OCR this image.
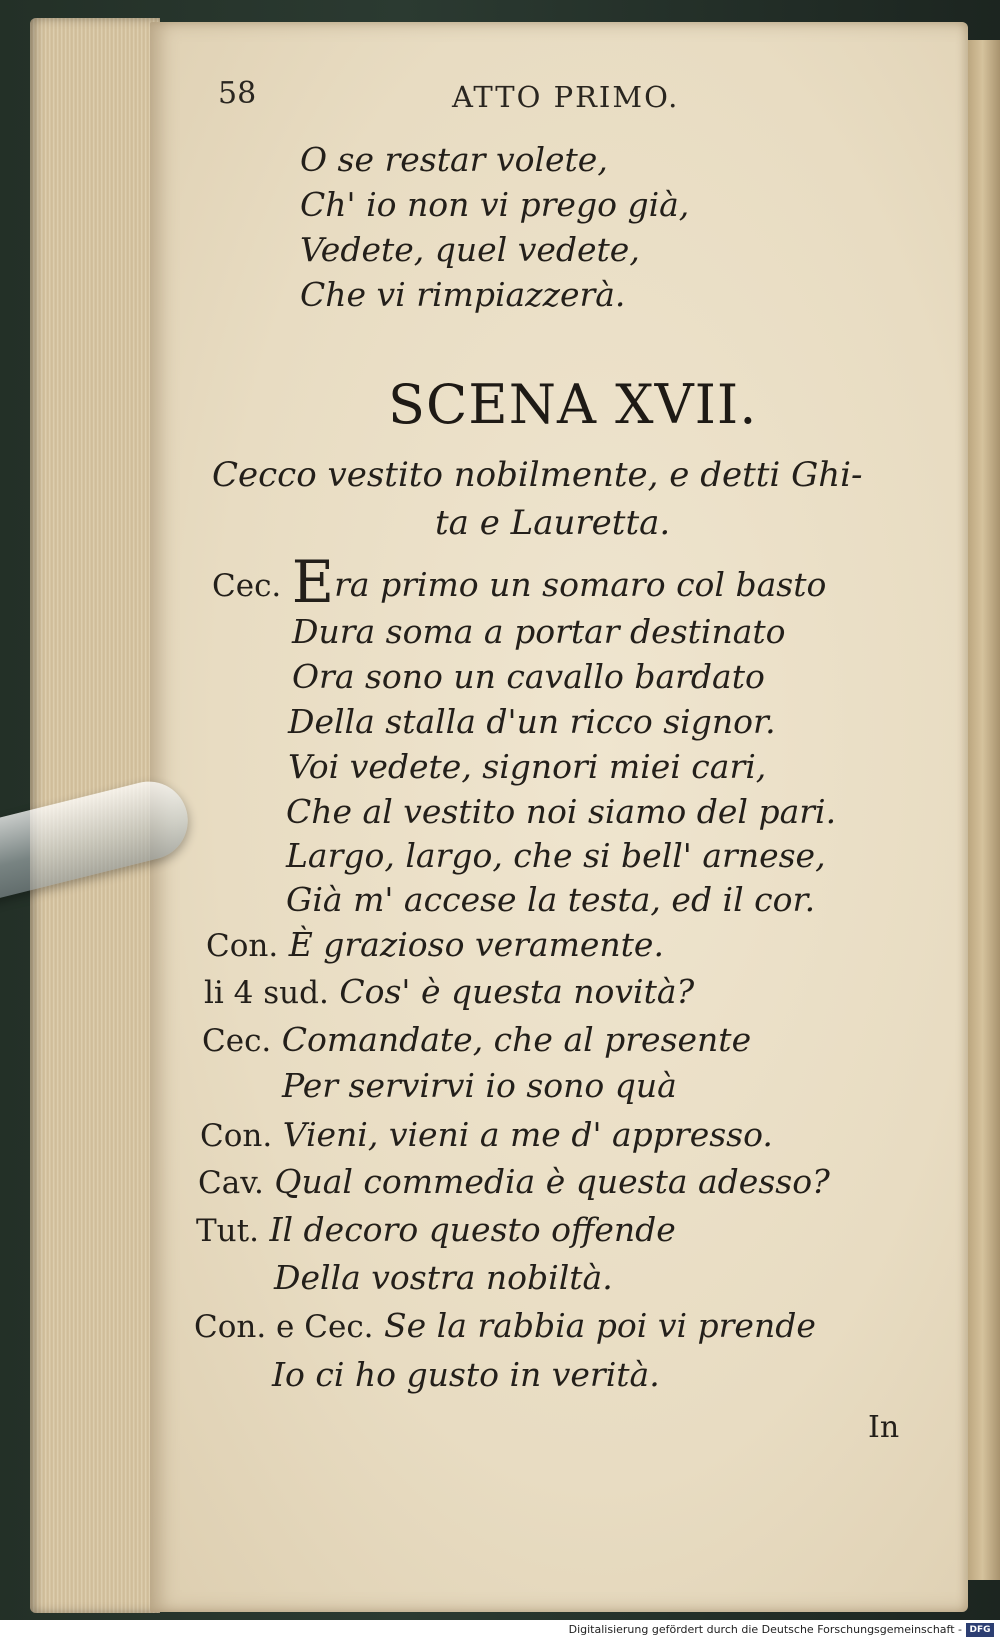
58	ATTO PRIMO.
O se restar volete,
Ch' io non vi prego già,
Vedete, quel vedete,
Che vi rimpiazzerà.
SCENA XVII.
Cecco vestito nobilmente, e detti Ghi-
ta e Lauretta.
Cec. Era primo un somaro col basto
Dura soma a portar destinato
Ora sono un cavallo bardato
Della stalla d'un ricco signor.
Voi vedete, signori miei cari,
Che al vestito noi siamo del pari.
Largo, largo, che si bell' arnese,
Già m' accese la testa, ed il cor.
Con. È grazioso veramente.
li 4 sud. Cos' è questa novità?
Cec. Comandate, che al presente
Per servirvi io sono quà
Con. Vieni, vieni a me d' appresso.
Cav. Qual commedia è questa adesso?
Tut. Il decoro questo offende
Della vostra nobiltà.
Con. e Cec. Se la rabbia poi vi prende
Io ci ho gusto in verità.
In
Digitalisierung gefördert durch die Deutsche Forschungsgemeinschaft - DFG
